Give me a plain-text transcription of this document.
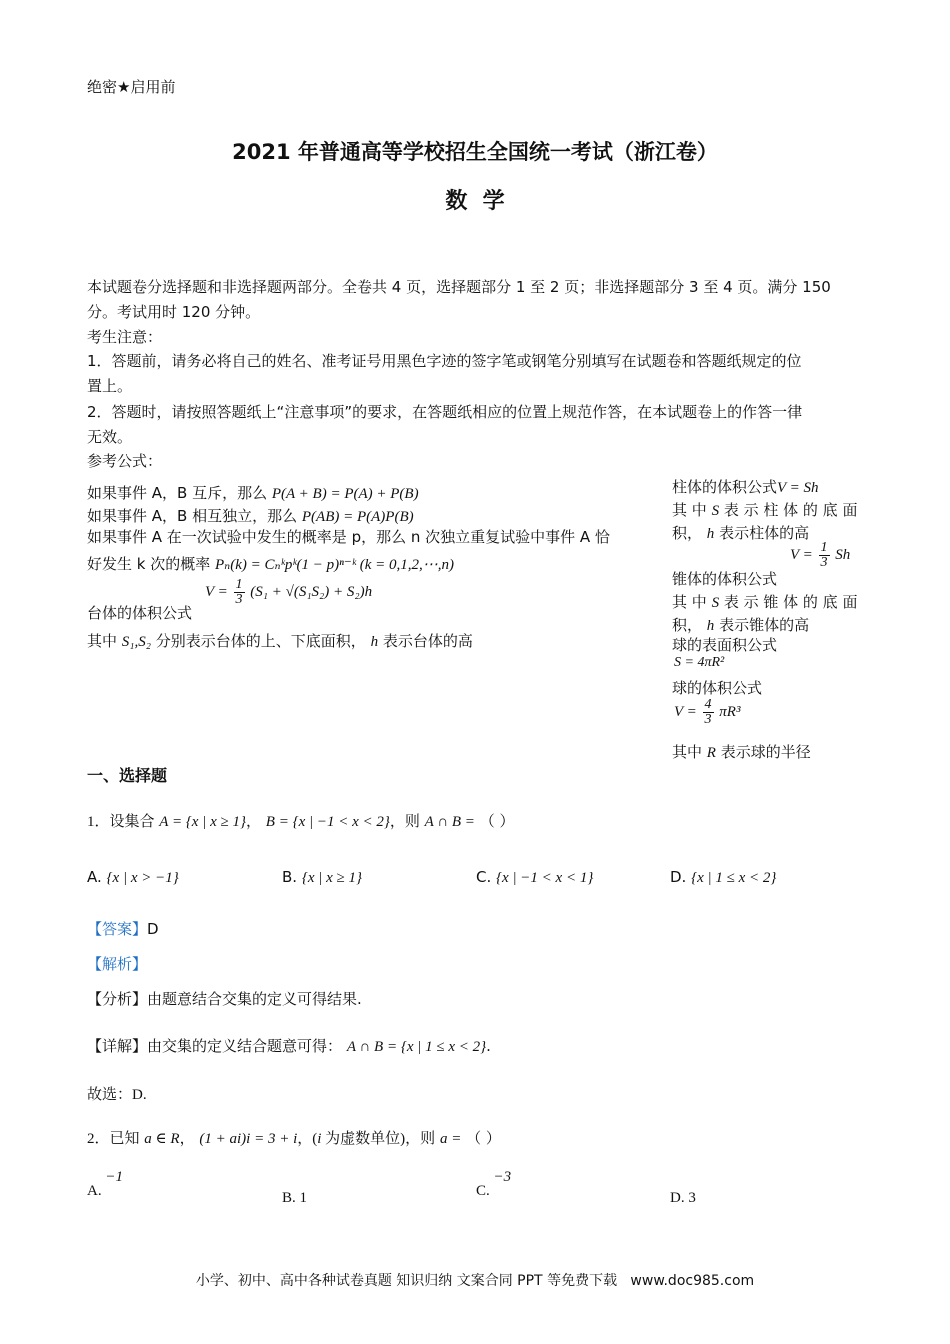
绝密★启用前
2021 年普通高等学校招生全国统一考试（浙江卷）
数  学
本试题卷分选择题和非选择题两部分。全卷共 4 页，选择题部分 1 至 2 页；非选择题部分 3 至 4 页。满分 150
分。考试用时 120 分钟。
考生注意：
1．答题前，请务必将自己的姓名、准考证号用黑色字迹的签字笔或钢笔分别填写在试题卷和答题纸规定的位
置上。
2．答题时，请按照答题纸上“注意事项”的要求，在答题纸相应的位置上规范作答，在本试题卷上的作答一律
无效。
参考公式：
如果事件 A，B 互斥，那么 P(A + B) = P(A) + P(B)
如果事件 A，B 相互独立，那么 P(AB) = P(A)P(B)
如果事件 A 在一次试验中发生的概率是 p，那么 n 次独立重复试验中事件 A 恰
好发生 k 次的概率 Pₙ(k) = Cₙᵏpᵏ(1 − p)ⁿ⁻ᵏ (k = 0,1,2,⋯,n)
台体的体积公式
$V = \frac{1}{3} (S_1 + √(S_1S_2) + S_2)h$
其中 S₁,S₂ 分别表示台体的上、下底面积， h 表示台体的高
柱体的体积公式V = Sh
其 中 S 表 示 柱 体 的 底 面
积， h 表示柱体的高
$V = \frac{1}{3}$ Sh
锥体的体积公式
其 中 S 表 示 锥 体 的 底 面
积， h 表示锥体的高
球的表面积公式
S = 4πR²
球的体积公式
$V = \frac{4}{3} \pi R^3$
其中 R 表示球的半径
一、选择题
1．设集合 A = {x | x ≥ 1}， B = {x | −1 < x < 2}，则 A ∩ B = （ ）
A. {x | x > −1}	B. {x | x ≥ 1}	C. {x | −1 < x < 1}	D. {x | 1 ≤ x < 2}
【答案】D
【解析】
【分析】由题意结合交集的定义可得结果.
【详解】由交集的定义结合题意可得： A ∩ B = {x | 1 ≤ x < 2}.
故选：D.
2．已知 a ∈ R， (1 + ai)i = 3 + i，(i 为虚数单位)，则 a = （ ）
A. −1
B. 1	C. −3
D. 3
小学、初中、高中各种试卷真题 知识归纳 文案合同 PPT 等免费下载   www.doc985.com
